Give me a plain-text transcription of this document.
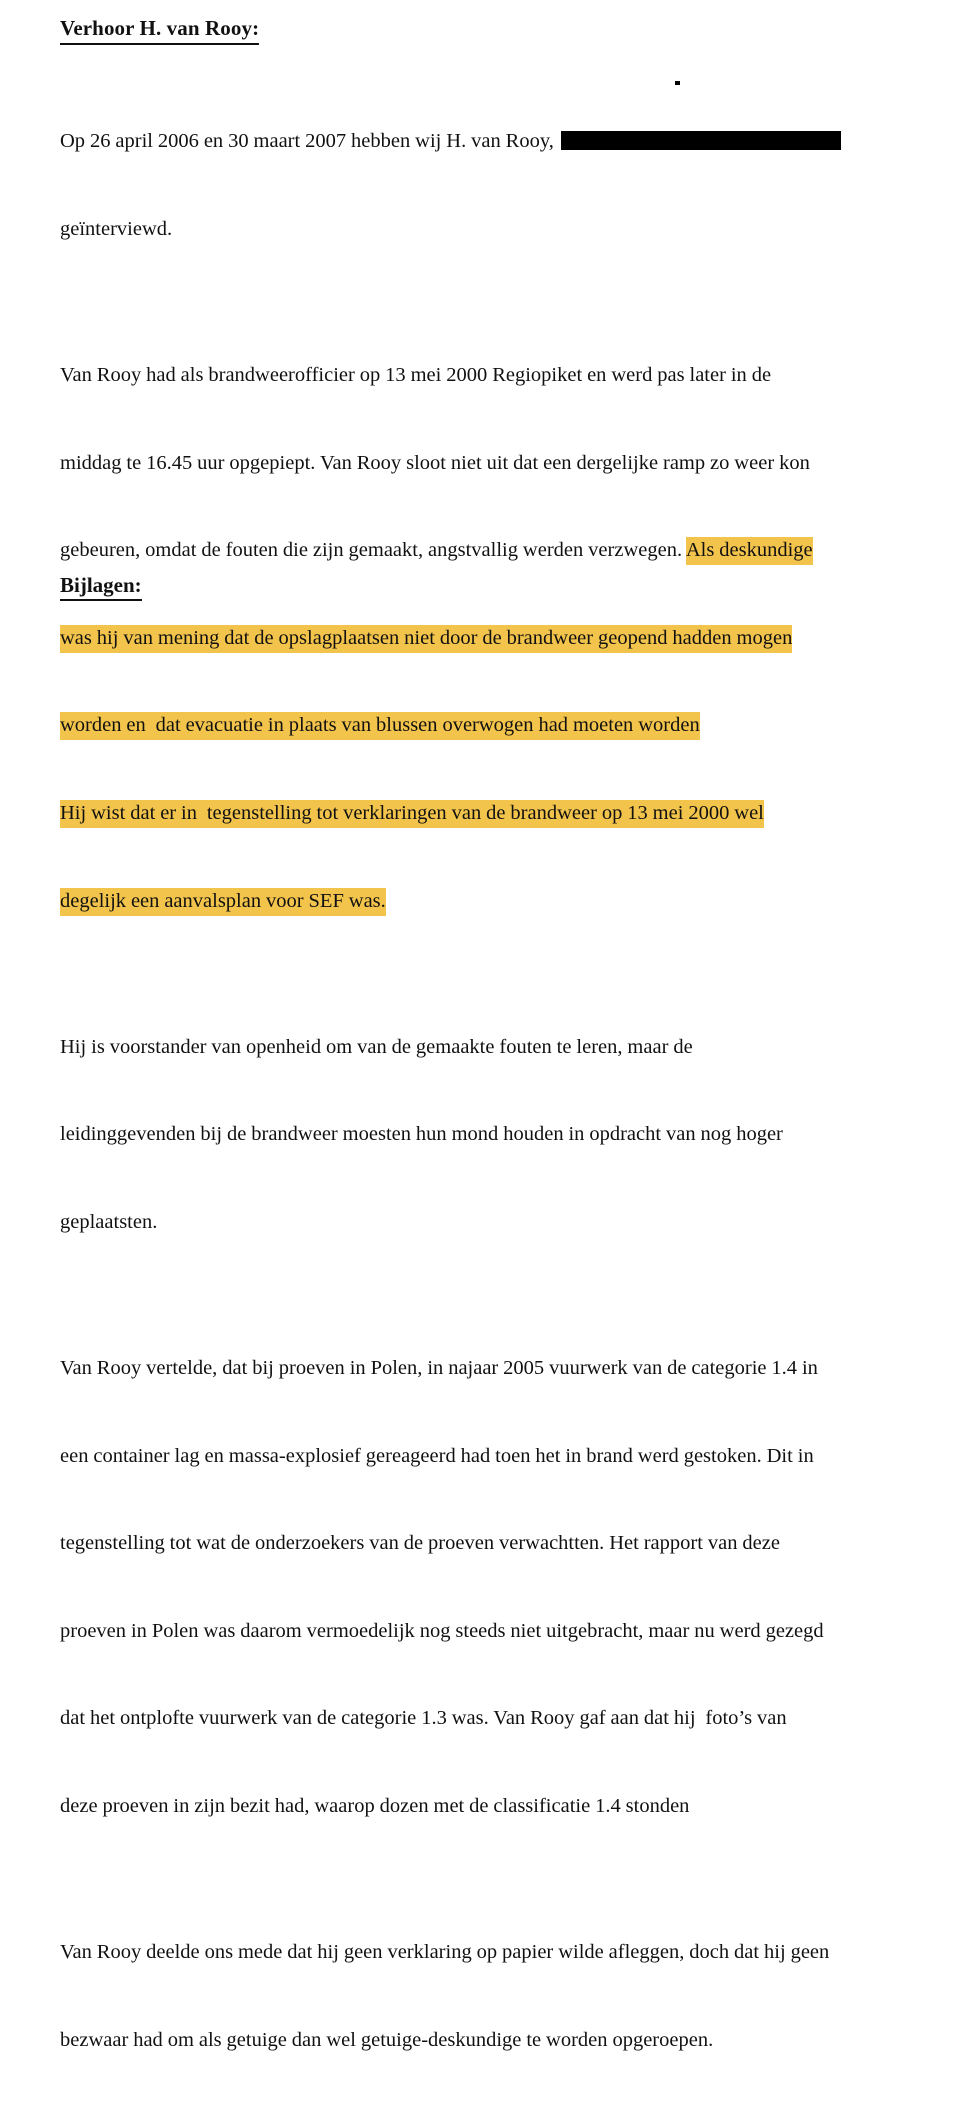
Verhoor H. van Rooy:

Op 26 april 2006 en 30 maart 2007 hebben wij H. van Rooy,

geïnterviewd.

Van Rooy had als brandweerofficier op 13 mei 2000 Regiopiket en werd pas later in de

middag te 16.45 uur opgepiept. Van Rooy sloot niet uit dat een dergelijke ramp zo weer kon

gebeuren, omdat de fouten die zijn gemaakt, angstvallig werden verzwegen. Als deskundige

was hij van mening dat de opslagplaatsen niet door de brandweer geopend hadden mogen

worden en  dat evacuatie in plaats van blussen overwogen had moeten worden

Hij wist dat er in  tegenstelling tot verklaringen van de brandweer op 13 mei 2000 wel

degelijk een aanvalsplan voor SEF was.

Hij is voorstander van openheid om van de gemaakte fouten te leren, maar de

leidinggevenden bij de brandweer moesten hun mond houden in opdracht van nog hoger

geplaatsten.

Van Rooy vertelde, dat bij proeven in Polen, in najaar 2005 vuurwerk van de categorie 1.4 in

een container lag en massa-explosief gereageerd had toen het in brand werd gestoken. Dit in

tegenstelling tot wat de onderzoekers van de proeven verwachtten. Het rapport van deze

proeven in Polen was daarom vermoedelijk nog steeds niet uitgebracht, maar nu werd gezegd

dat het ontplofte vuurwerk van de categorie 1.3 was. Van Rooy gaf aan dat hij  foto’s van

deze proeven in zijn bezit had, waarop dozen met de classificatie 1.4 stonden

Van Rooy deelde ons mede dat hij geen verklaring op papier wilde afleggen, doch dat hij geen

bezwaar had om als getuige dan wel getuige-deskundige te worden opgeroepen.

Bijlagen:
